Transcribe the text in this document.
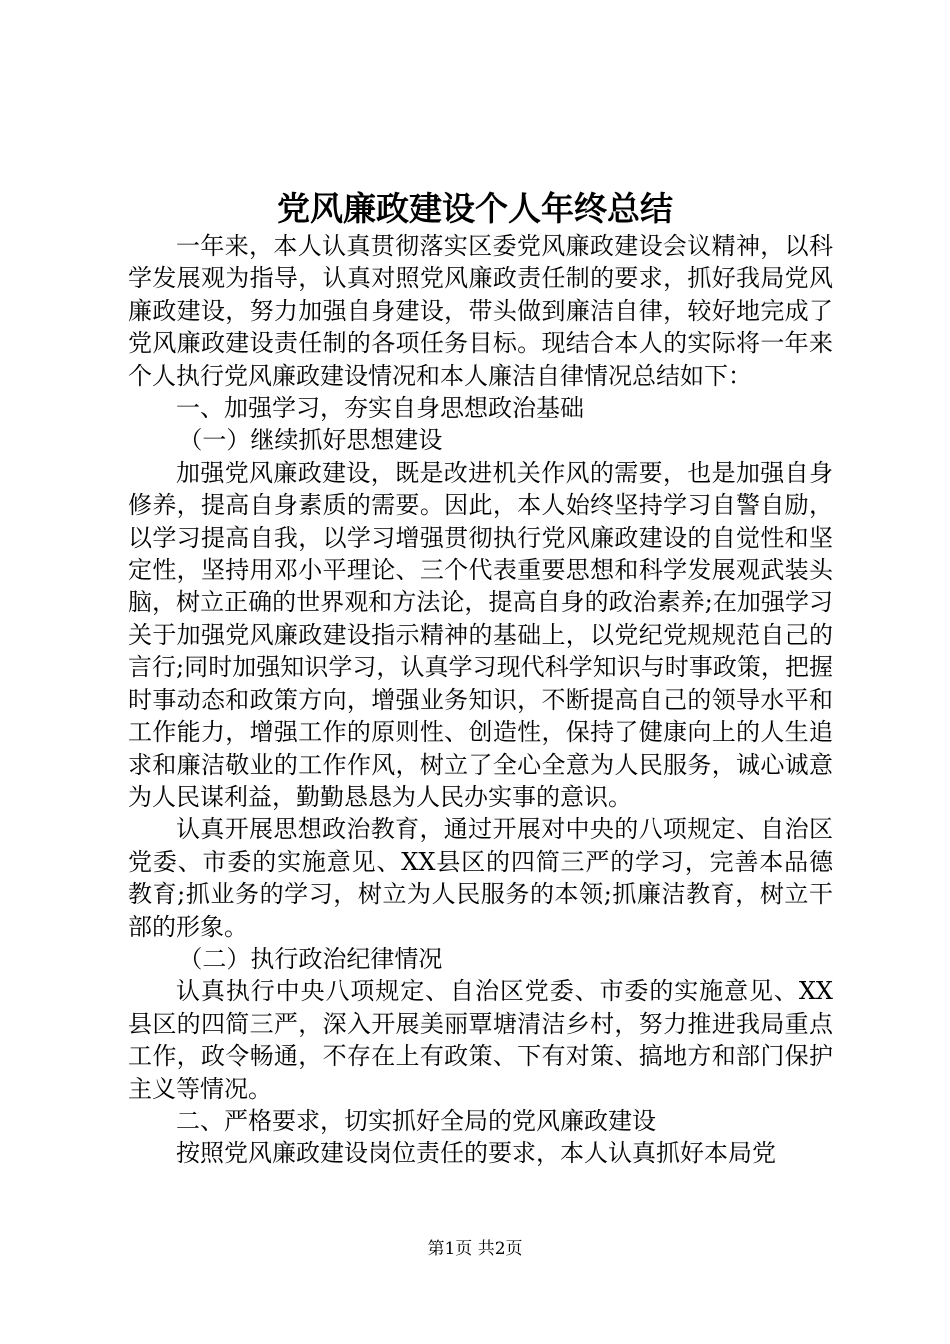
党风廉政建设个人年终总结

一年来，本人认真贯彻落实区委党风廉政建设会议精神，以科学发展观为指导，认真对照党风廉政责任制的要求，抓好我局党风廉政建设，努力加强自身建设，带头做到廉洁自律，较好地完成了党风廉政建设责任制的各项任务目标。现结合本人的实际将一年来个人执行党风廉政建设情况和本人廉洁自律情况总结如下：

一、加强学习，夯实自身思想政治基础

（一）继续抓好思想建设

加强党风廉政建设，既是改进机关作风的需要，也是加强自身修养，提高自身素质的需要。因此，本人始终坚持学习自警自励，以学习提高自我，以学习增强贯彻执行党风廉政建设的自觉性和坚定性，坚持用邓小平理论、三个代表重要思想和科学发展观武装头脑，树立正确的世界观和方法论，提高自身的政治素养;在加强学习关于加强党风廉政建设指示精神的基础上，以党纪党规规范自己的言行;同时加强知识学习，认真学习现代科学知识与时事政策，把握时事动态和政策方向，增强业务知识，不断提高自己的领导水平和工作能力，增强工作的原则性、创造性，保持了健康向上的人生追求和廉洁敬业的工作作风，树立了全心全意为人民服务，诚心诚意为人民谋利益，勤勤恳恳为人民办实事的意识。

认真开展思想政治教育，通过开展对中央的八项规定、自治区党委、市委的实施意见、XX县区的四简三严的学习，完善本品德教育;抓业务的学习，树立为人民服务的本领;抓廉洁教育，树立干部的形象。

（二）执行政治纪律情况

认真执行中央八项规定、自治区党委、市委的实施意见、XX县区的四简三严，深入开展美丽覃塘清洁乡村，努力推进我局重点工作，政令畅通，不存在上有政策、下有对策、搞地方和部门保护主义等情况。

二、严格要求，切实抓好全局的党风廉政建设

按照党风廉政建设岗位责任的要求，本人认真抓好本局党

第1页 共2页
